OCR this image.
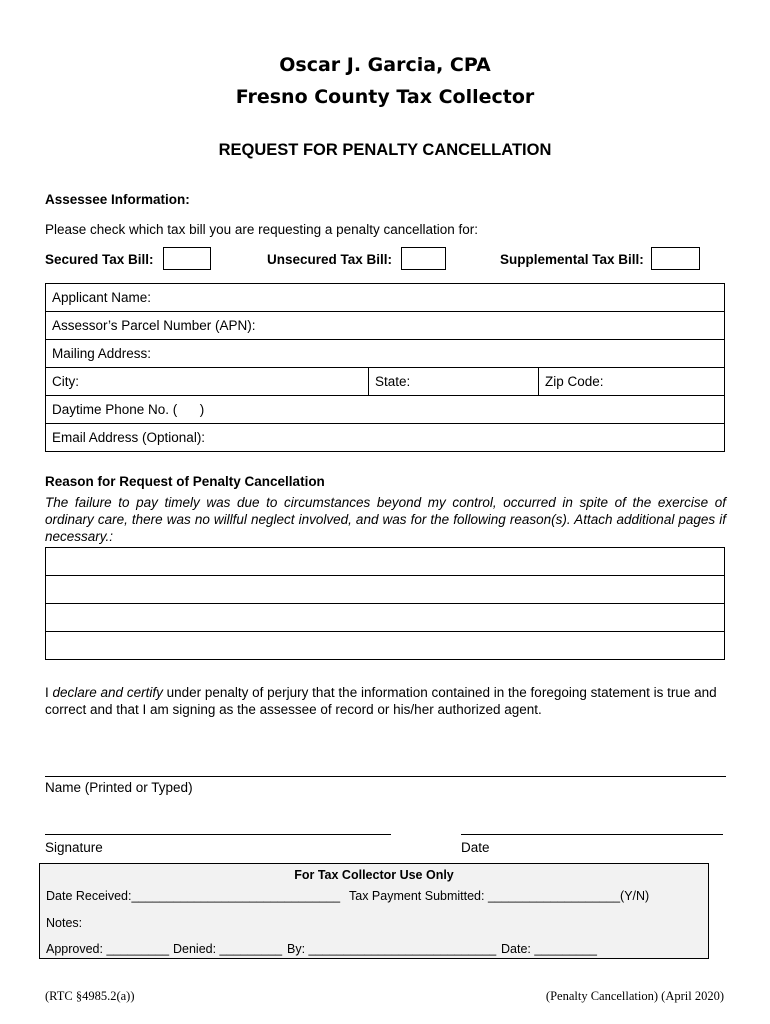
Oscar J. Garcia, CPA
Fresno County Tax Collector
REQUEST FOR PENALTY CANCELLATION
Assessee Information:
Please check which tax bill you are requesting a penalty cancellation for:
Secured Tax Bill:	Unsecured Tax Bill:	Supplemental Tax Bill:
Applicant Name:
Assessor’s Parcel Number (APN):
Mailing Address:
City:	State:	Zip Code:
Daytime Phone No. (      )
Email Address (Optional):
Reason for Request of Penalty Cancellation
The failure to pay timely was due to circumstances beyond my control, occurred in spite of the exercise of ordinary care, there was no willful neglect involved, and was for the following reason(s). Attach additional pages if necessary.:

I declare and certify under penalty of perjury that the information contained in the foregoing statement is true and correct and that I am signing as the assessee of record or his/her authorized agent.
Name (Printed or Typed)
Signature	Date
For Tax Collector Use Only
Date Received:______________________________ Tax Payment Submitted: ___________________(Y/N)
Notes:
Approved: _________ Denied: _________ By: ___________________________ Date: _________
(RTC §4985.2(a))	(Penalty Cancellation) (April 2020)
